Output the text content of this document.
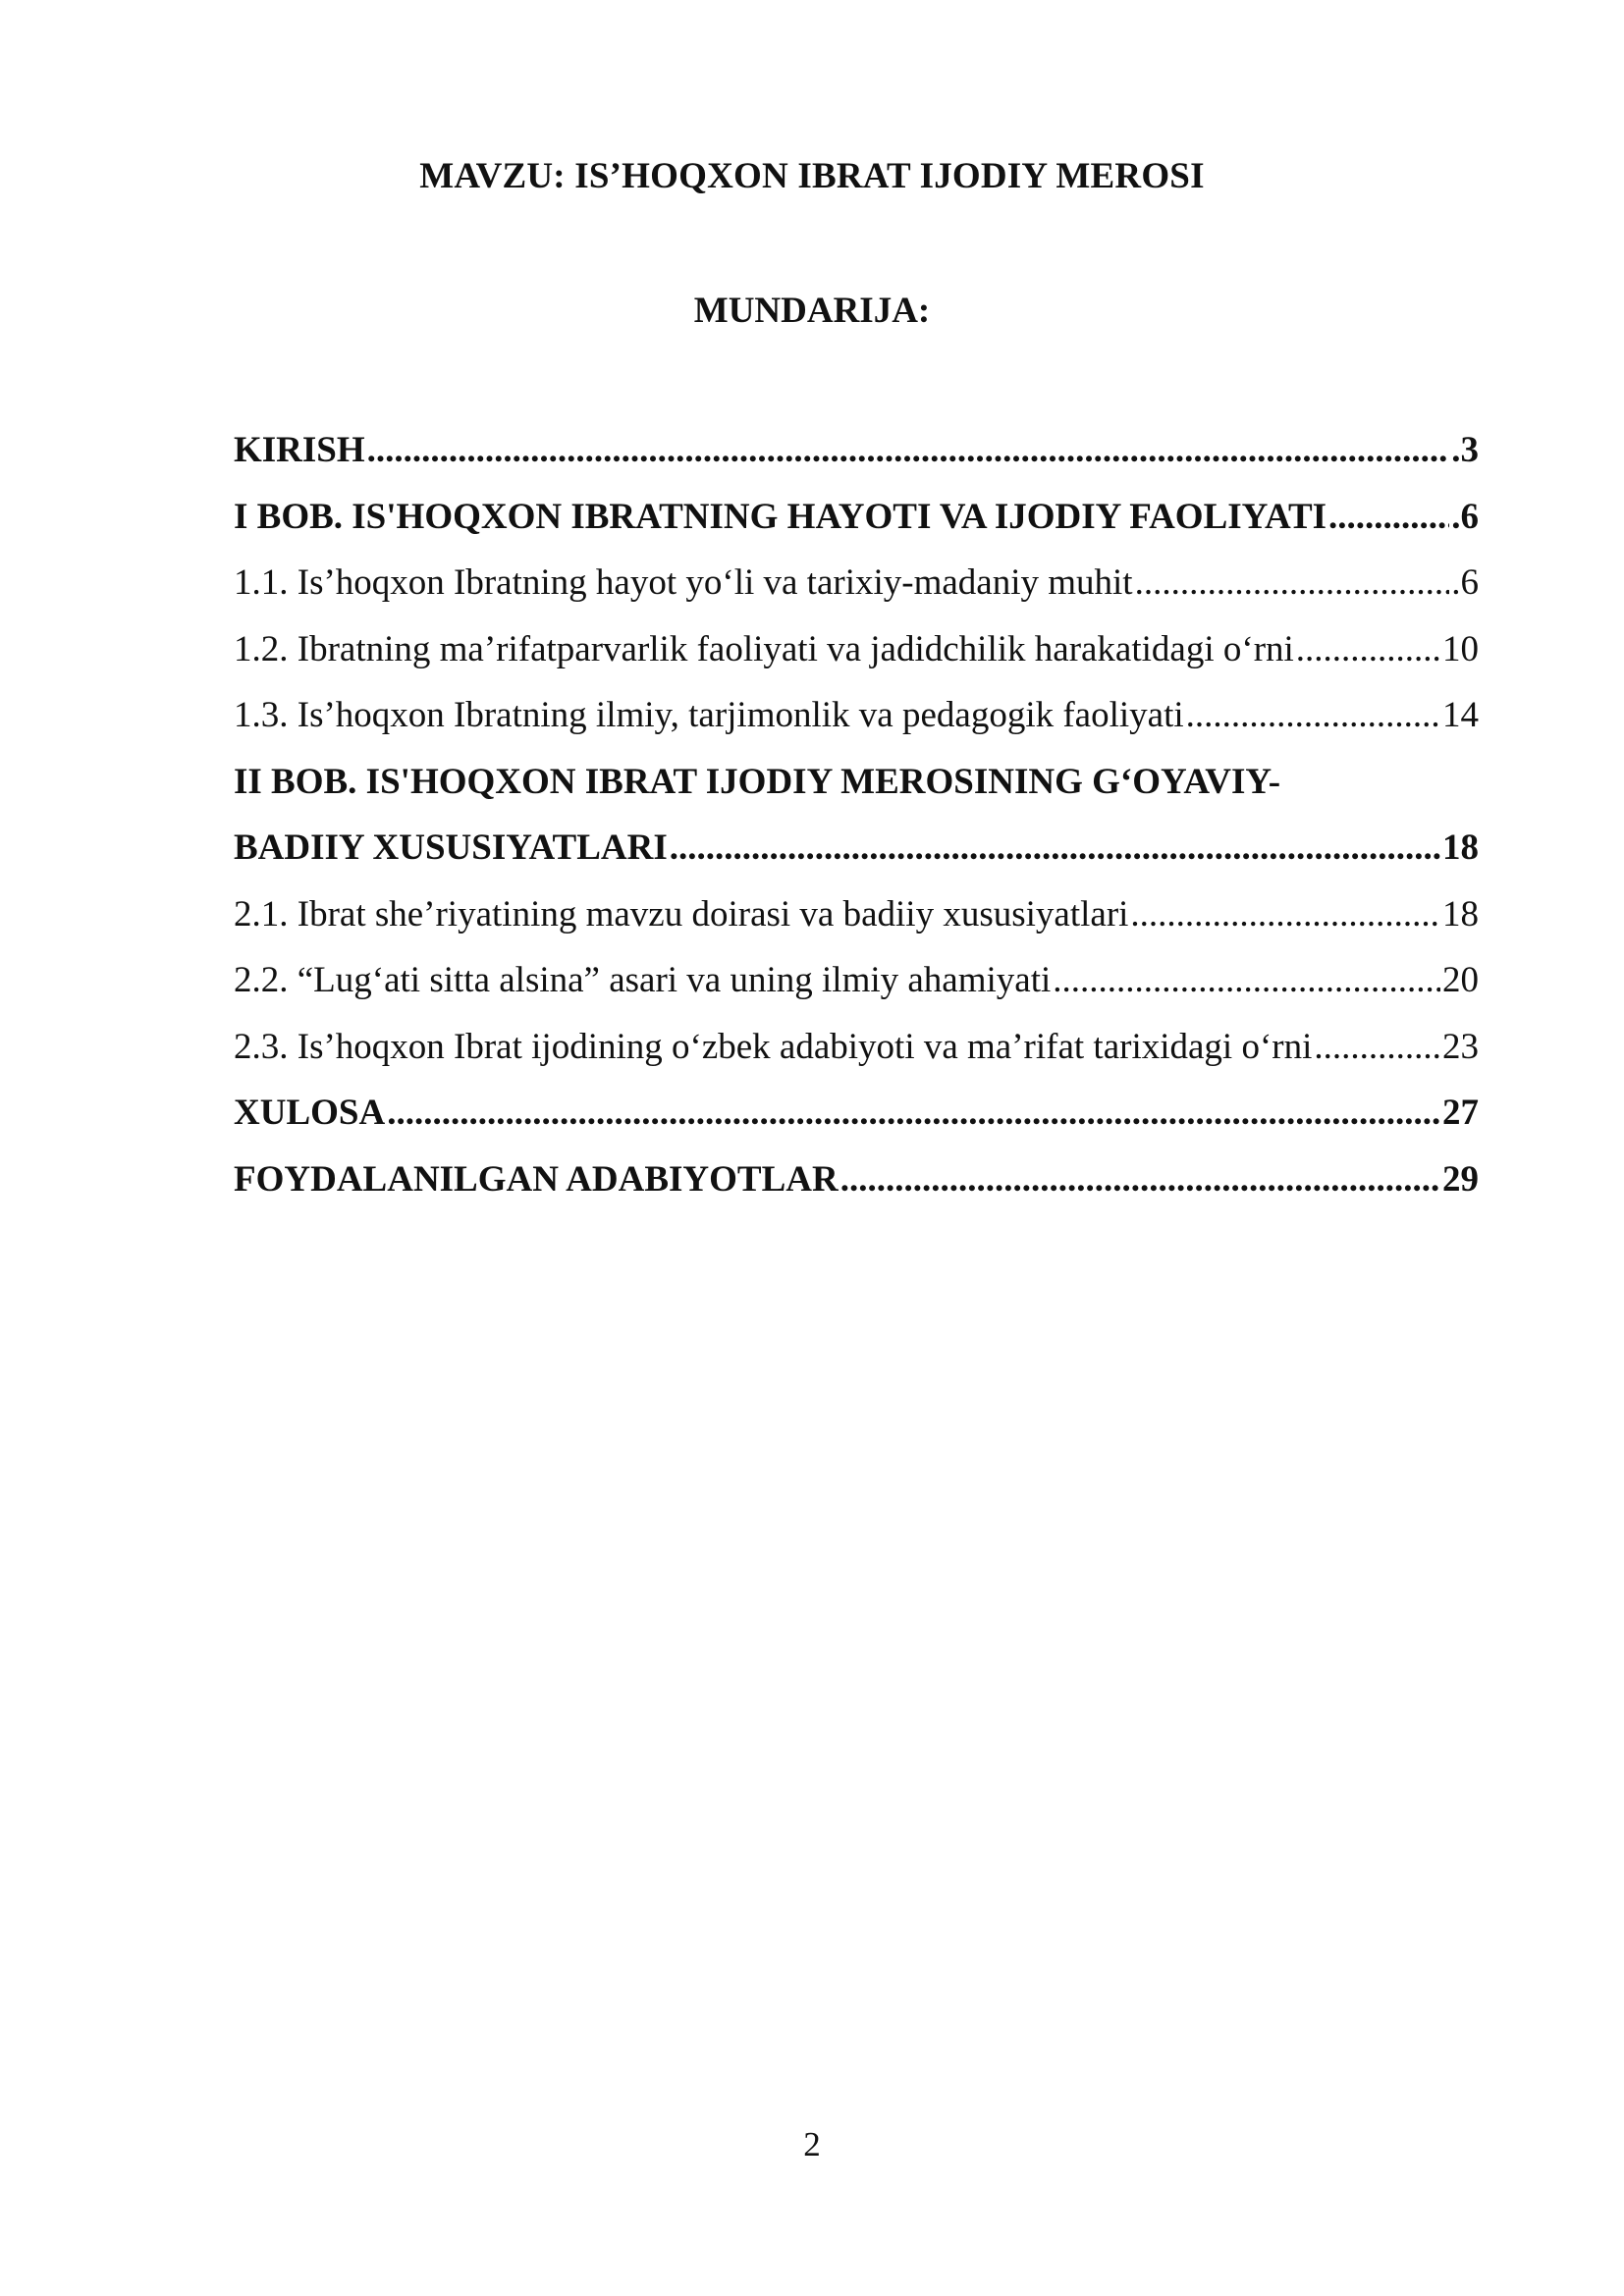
MAVZU: IS’HOQXON IBRAT IJODIY MEROSI
MUNDARIJA:
KIRISH .....	.3
I BOB. IS'HOQXON IBRATNING HAYOTI VA IJODIY FAOLIYATI .....	.6
1.1. Is’hoqxon Ibratning hayot yo‘li va tarixiy-madaniy muhit .....	.6
1.2. Ibratning ma’rifatparvarlik faoliyati va jadidchilik harakatidagi o‘rni .....	10
1.3. Is’hoqxon Ibratning ilmiy, tarjimonlik va pedagogik faoliyati .....	14
II BOB. IS'HOQXON IBRAT IJODIY MEROSINING G‘OYAVIY-
BADIIY XUSUSIYATLARI .....	18
2.1. Ibrat she’riyatining mavzu doirasi va badiiy xususiyatlari .....	18
2.2. “Lug‘ati sitta alsina” asari va uning ilmiy ahamiyati .....	20
2.3. Is’hoqxon Ibrat ijodining o‘zbek adabiyoti va ma’rifat tarixidagi o‘rni .....	23
XULOSA .....	27
FOYDALANILGAN ADABIYOTLAR .....	29
2
